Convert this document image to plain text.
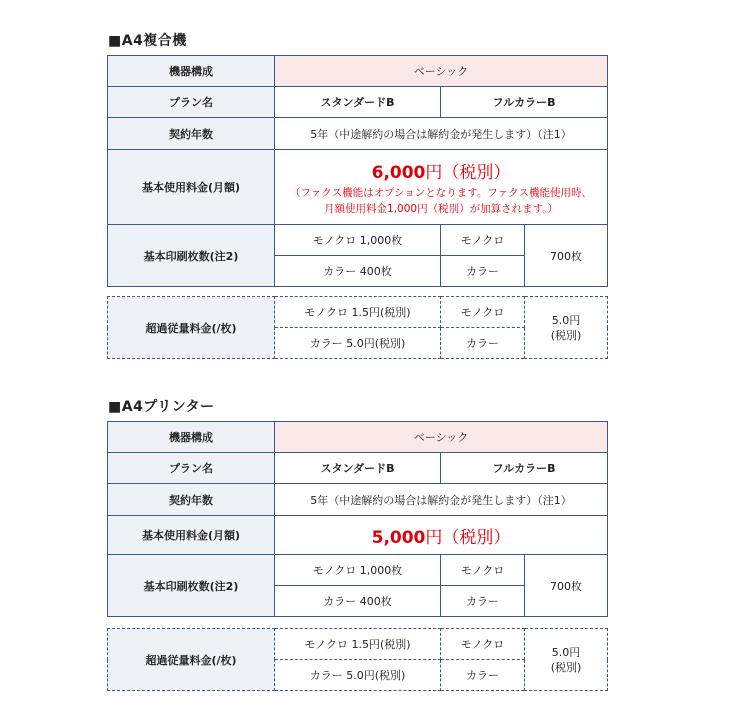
■A4複合機
機器構成	ベーシック		
プラン名	スタンダードB	フルカラーB	
契約年数	5年（中途解約の場合は解約金が発生します）（注1）		
基本使用料金(月額)	6,000円（税別）
（ファクス機能はオプションとなります。ファクス機能使用時、
月額使用料金1,000円（税別）が加算されます。）		

基本印刷枚数(注2)	モノクロ 1,000枚	モノクロ	700枚
	カラー 400枚	カラー	
超過従量料金(/枚)	モノクロ 1.5円(税別)	モノクロ	5.0円
(税別)

	カラー 5.0円(税別)	カラー	
■A4プリンター
機器構成	ベーシック		
プラン名	スタンダードB	フルカラーB	
契約年数	5年（中途解約の場合は解約金が発生します）（注1）		
基本使用料金(月額)	5,000円（税別）		

基本印刷枚数(注2)	モノクロ 1,000枚	モノクロ	700枚
	カラー 400枚	カラー	
超過従量料金(/枚)	モノクロ 1.5円(税別)	モノクロ	5.0円
(税別)

	カラー 5.0円(税別)	カラー	
